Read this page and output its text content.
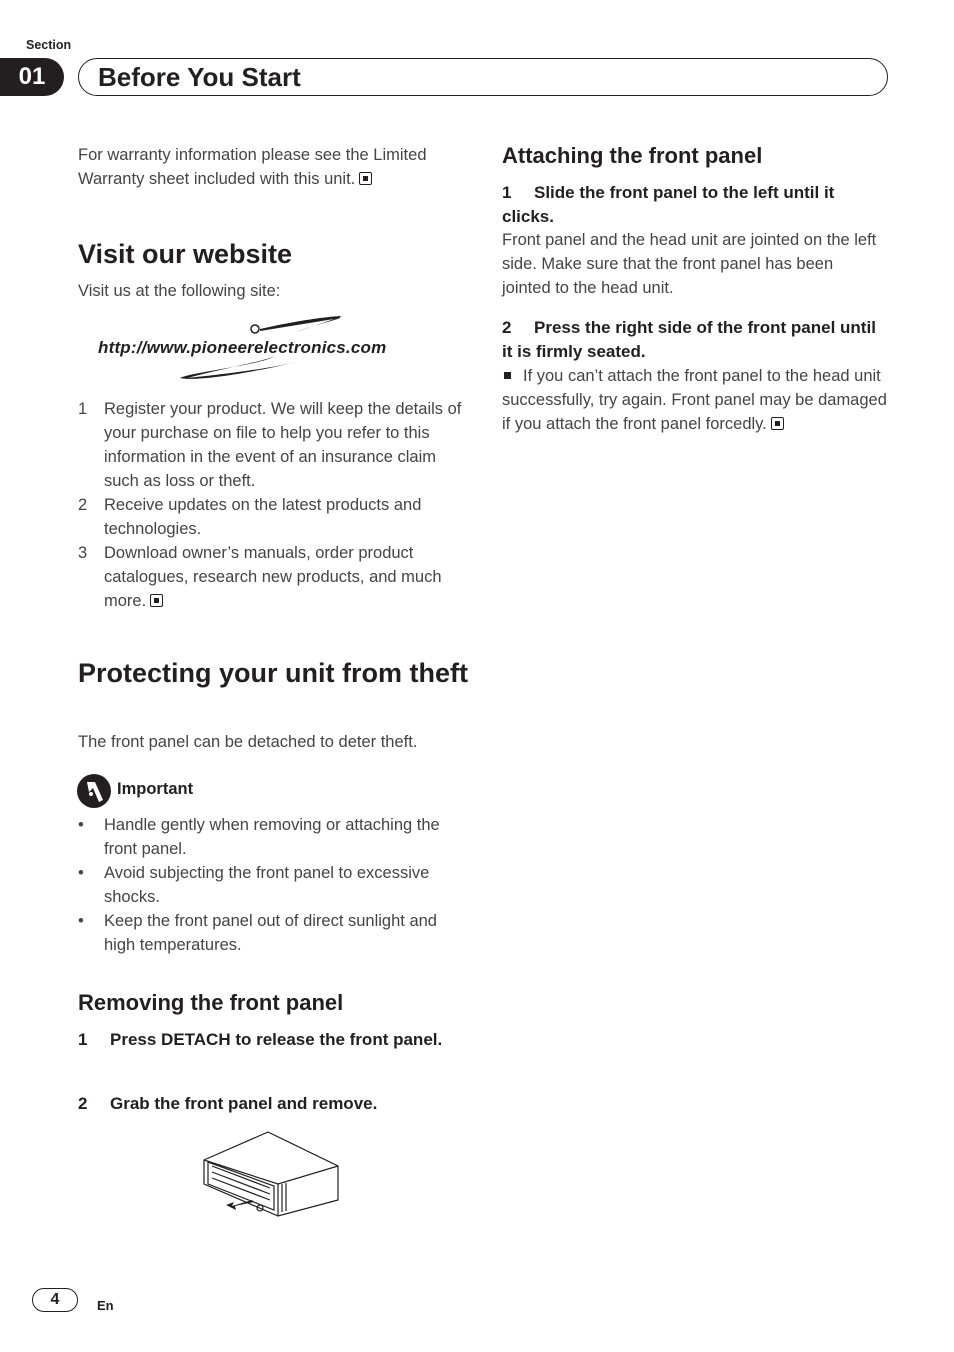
Section
01	Before You Start
For warranty information please see the Limited Warranty sheet included with this unit.
Visit our website
Visit us at the following site:
http://www.pioneerelectronics.com
1 Register your product. We will keep the details of your purchase on file to help you refer to this information in the event of an insurance claim such as loss or theft.
2 Receive updates on the latest products and technologies.
3 Download owner’s manuals, order product catalogues, research new products, and much more.
Protecting your unit from theft
The front panel can be detached to deter theft.
Important
• Handle gently when removing or attaching the front panel.
• Avoid subjecting the front panel to excessive shocks.
• Keep the front panel out of direct sunlight and high temperatures.
Removing the front panel
1 Press DETACH to release the front panel.
2 Grab the front panel and remove.
Attaching the front panel
1 Slide the front panel to the left until it clicks.
Front panel and the head unit are jointed on the left side. Make sure that the front panel has been jointed to the head unit.
2 Press the right side of the front panel until it is firmly seated.
If you can’t attach the front panel to the head unit successfully, try again. Front panel may be damaged if you attach the front panel forcedly.
4	En
